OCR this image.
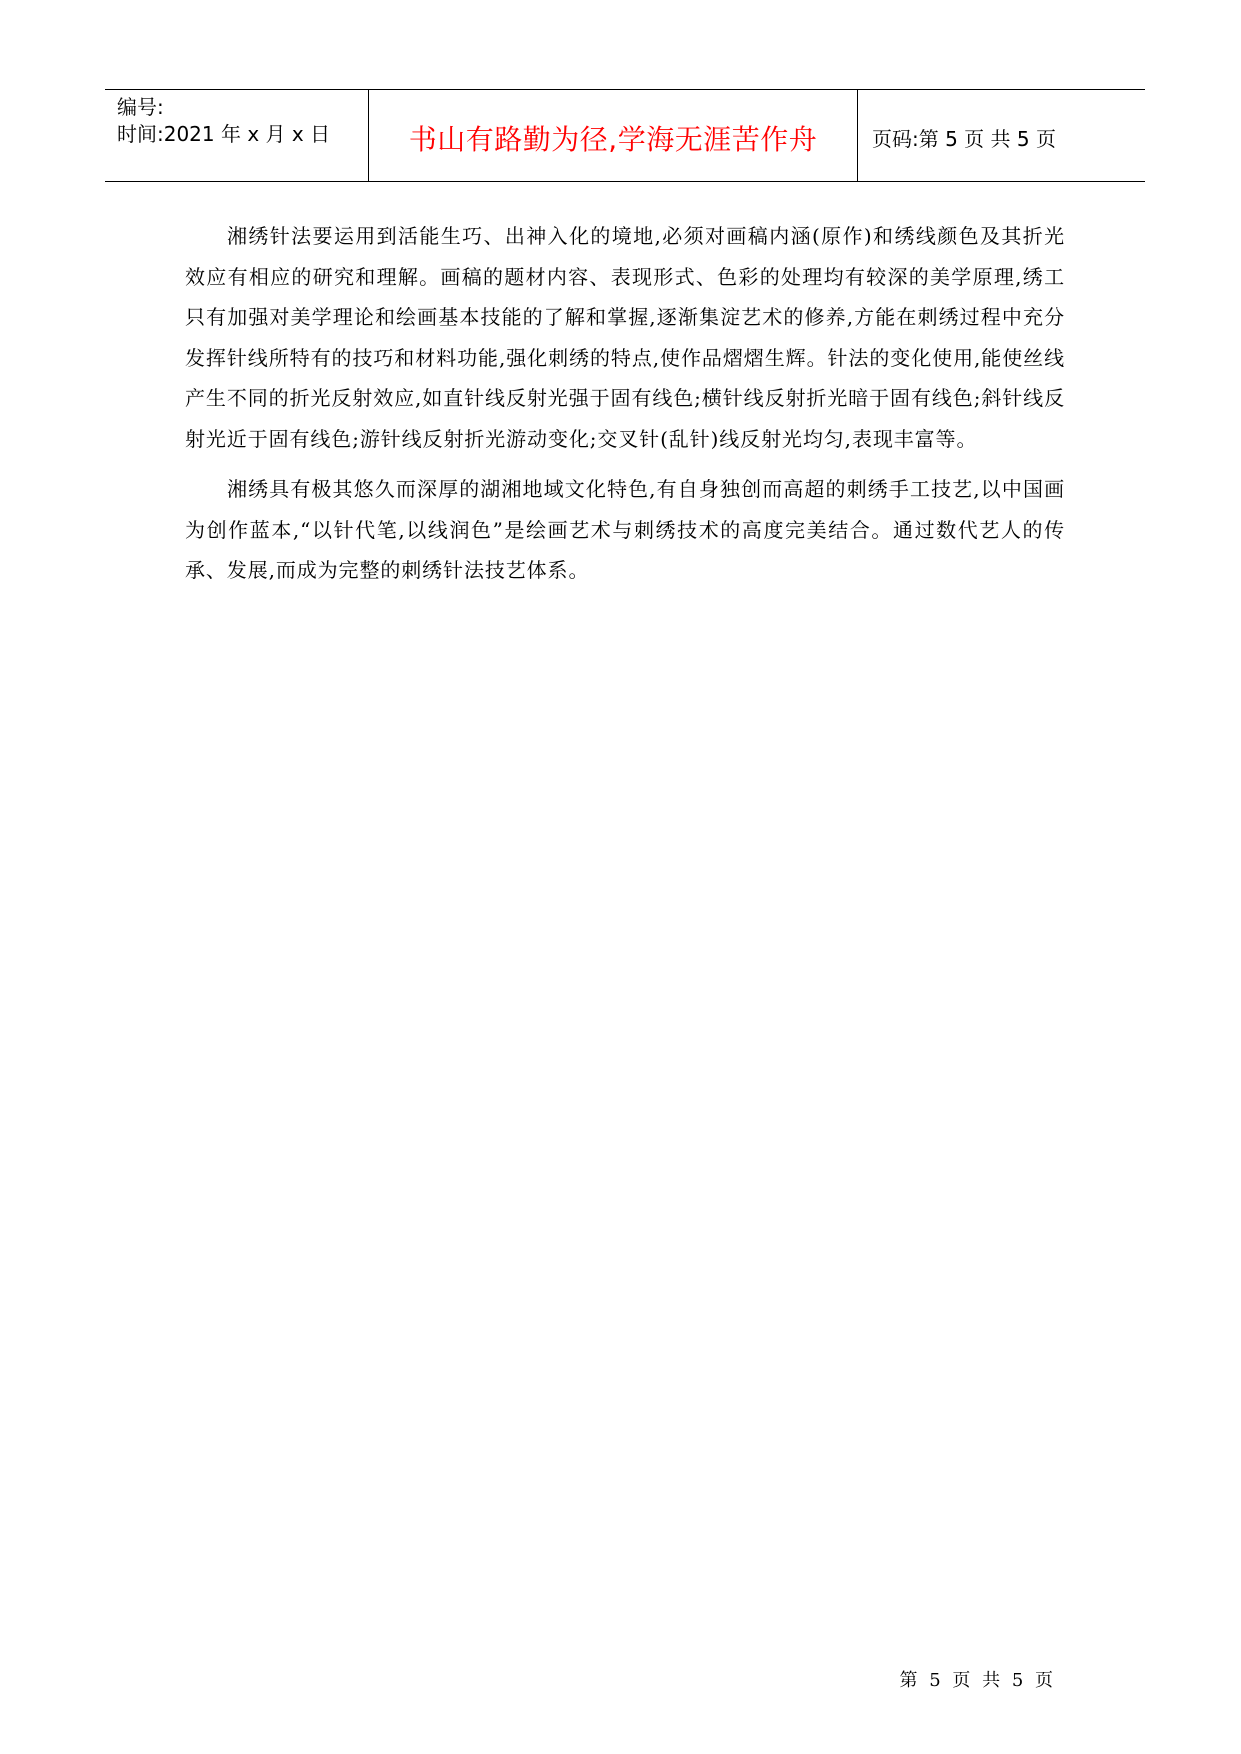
编号:
时间:2021 年 x 月 x 日	书山有路勤为径,学海无涯苦作舟	页码:第 5 页 共 5 页

湘绣针法要运用到活能生巧、出神入化的境地,必须对画稿内涵(原作)和绣线颜色及其折光效应有相应的研究和理解。画稿的题材内容、表现形式、色彩的处理均有较深的美学原理,绣工只有加强对美学理论和绘画基本技能的了解和掌握,逐渐集淀艺术的修养,方能在刺绣过程中充分发挥针线所特有的技巧和材料功能,强化刺绣的特点,使作品熠熠生辉。针法的变化使用,能使丝线产生不同的折光反射效应,如直针线反射光强于固有线色;横针线反射折光暗于固有线色;斜针线反射光近于固有线色;游针线反射折光游动变化;交叉针(乱针)线反射光均匀,表现丰富等。

湘绣具有极其悠久而深厚的湖湘地域文化特色,有自身独创而高超的刺绣手工技艺,以中国画为创作蓝本,“以针代笔,以线润色”是绘画艺术与刺绣技术的高度完美结合。通过数代艺人的传承、发展,而成为完整的刺绣针法技艺体系。

第 5 页 共 5 页
